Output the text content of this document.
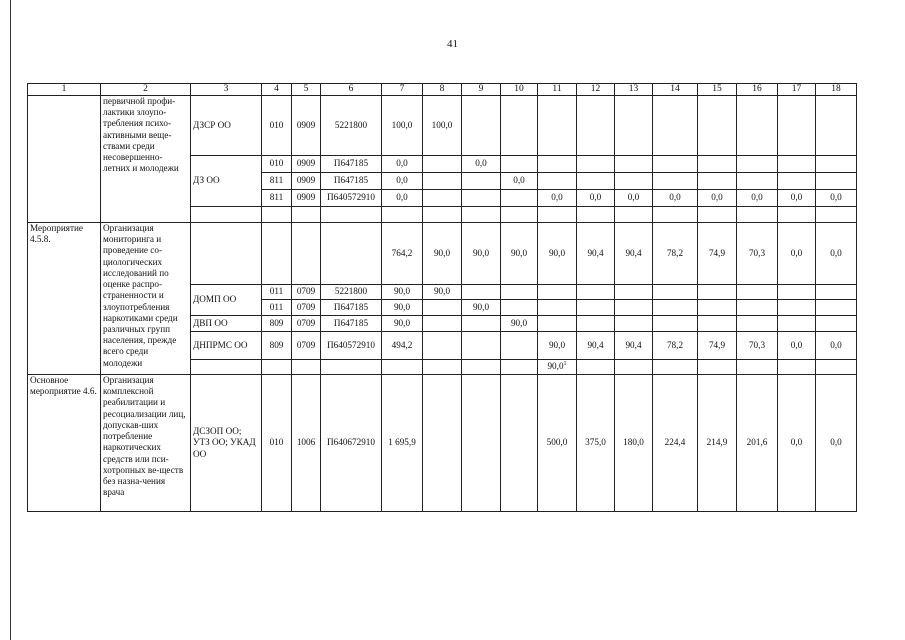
41
1	2	3	4	5	6	7	8	9	10	11	12	13	14	15	16	17	18
	первичной профи-лактики злоупо-требления психо-активными веще-ствами среди несовершенно-летних и молодежи	ДЗСР ОО	010	0909	5221800	100,0	100,0										
		ДЗ ОО	010	0909	П647185	0,0		0,0									
			811	0909	П647185	0,0			0,0								
			811	0909	П640572910	0,0				0,0	0,0	0,0	0,0	0,0	0,0	0,0	0,0

Мероприятие 4.5.8.	Организация мониторинга и проведение со-циологических исследований по оценке распро-страненности и злоупотребления наркотиками среди различных групп населения, прежде всего среди молодежи					764,2	90,0	90,0	90,0	90,0	90,4	90,4	78,2	74,9	70,3	0,0	0,0
		ДОМП ОО	011	0709	5221800	90,0	90,0										
			011	0709	П647185	90,0		90,0									
		ДВП ОО	809	0709	П647185	90,0			90,0								
		ДНПРМС ОО	809	0709	П640572910	494,2				90,0	90,4	90,4	78,2	74,9	70,3	0,0	0,0
										90,0$^1$							
Основное мероприятие 4.6.	Организация комплексной реабилитации и ресоциализации лиц, допускав-ших потребление наркотических средств или пси-хотропных ве-ществ без назна-чения врача	ДСЗОП ОО; УТЗ ОО; УКАД ОО	010	1006	П640672910	1 695,9				500,0	375,0	180,0	224,4	214,9	201,6	0,0	0,0
